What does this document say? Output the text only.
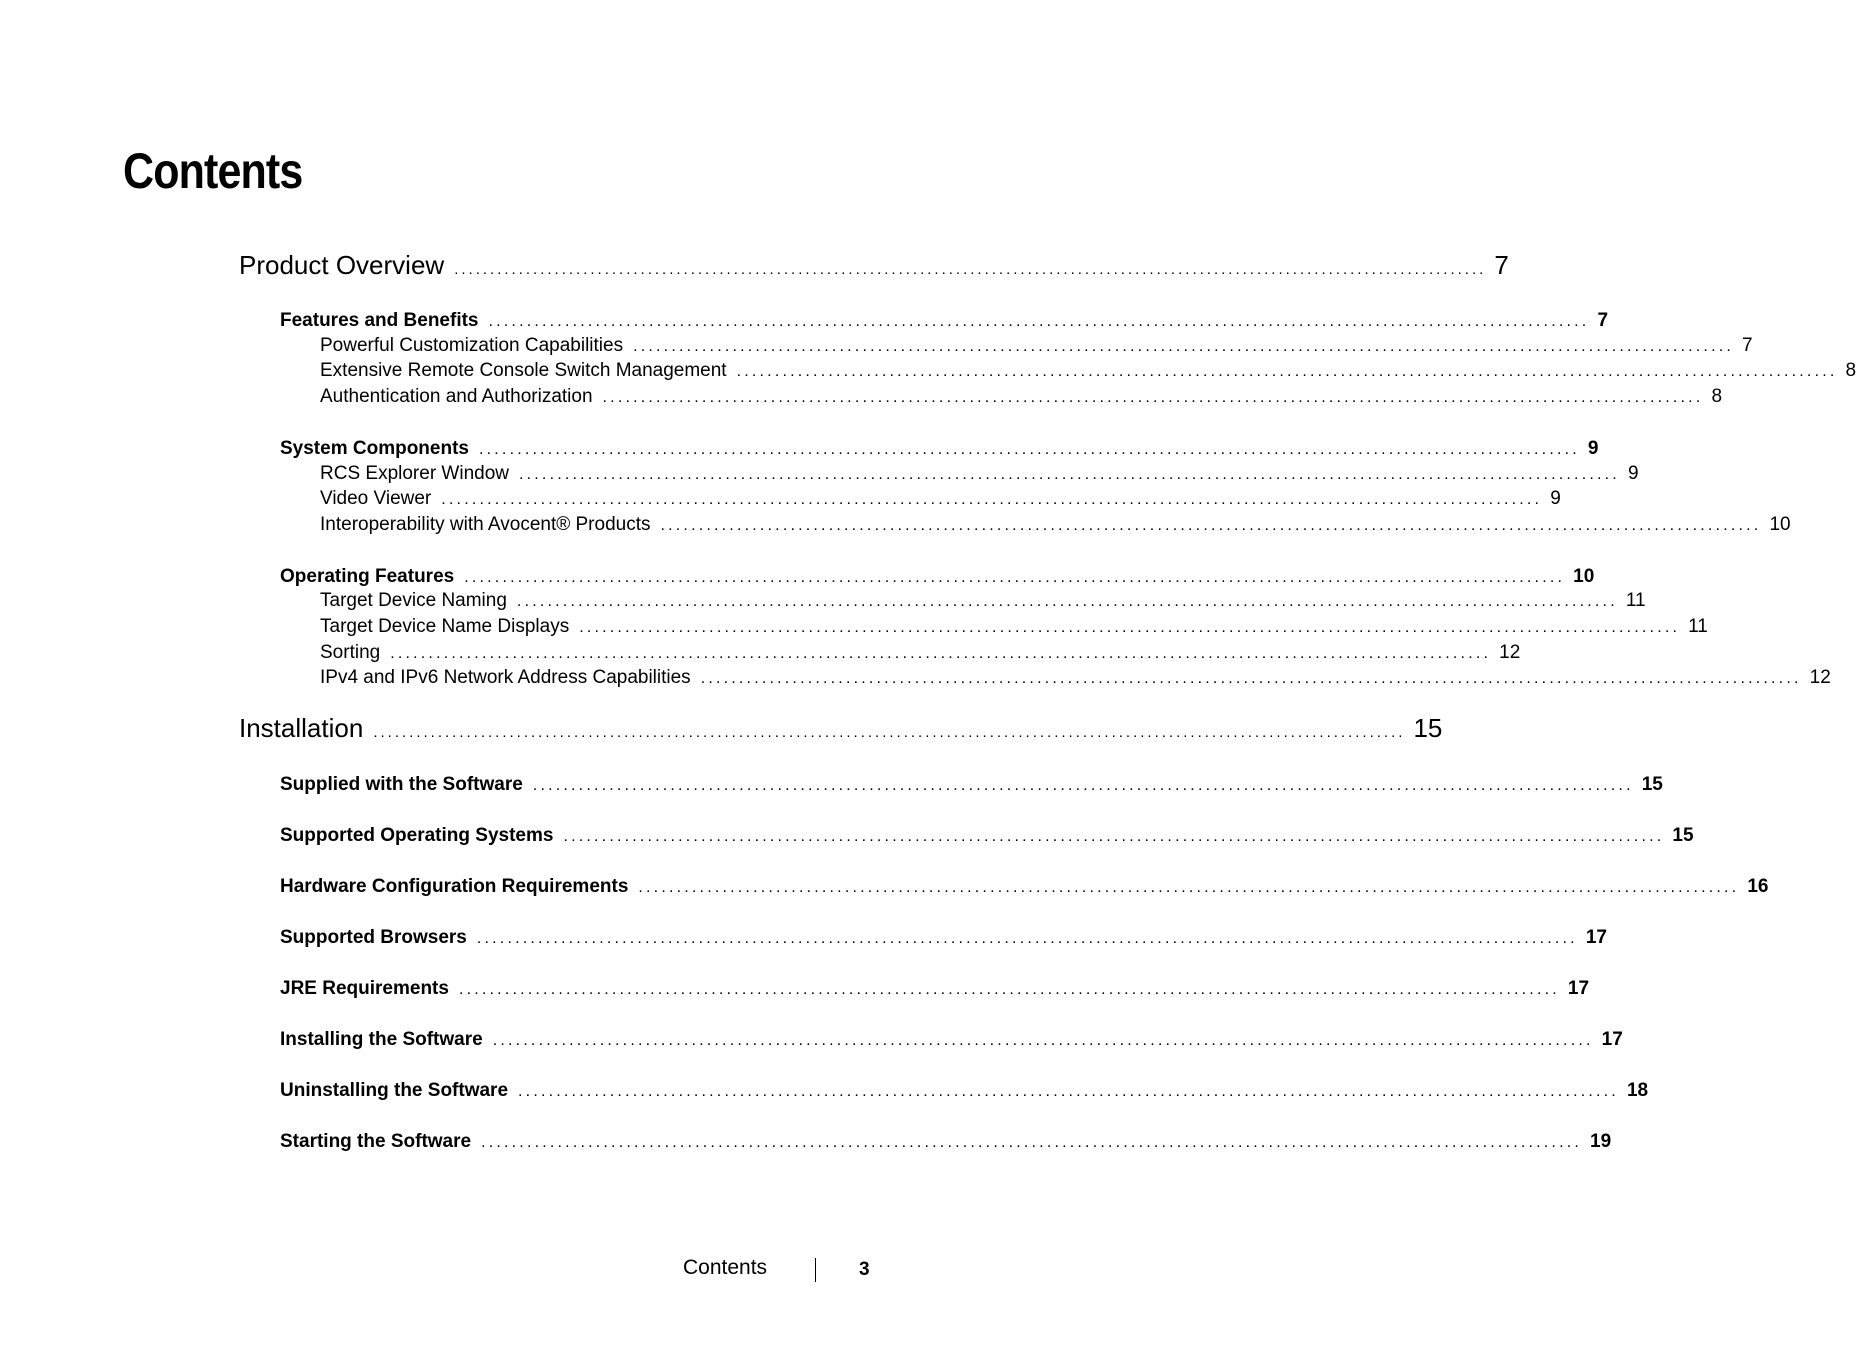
Contents
Product Overview ................................................................................................................................................ 7
Features and Benefits ................................................................................................................................................ 7
Powerful Customization Capabilities ................................................................................................................................................ 7
Extensive Remote Console Switch Management ................................................................................................................................................ 8
Authentication and Authorization ................................................................................................................................................ 8
System Components ................................................................................................................................................ 9
RCS Explorer Window ................................................................................................................................................ 9
Video Viewer ................................................................................................................................................ 9
Interoperability with Avocent® Products ................................................................................................................................................ 10
Operating Features ................................................................................................................................................ 10
Target Device Naming ................................................................................................................................................ 11
Target Device Name Displays ................................................................................................................................................ 11
Sorting ................................................................................................................................................ 12
IPv4 and IPv6 Network Address Capabilities ................................................................................................................................................ 12
Installation ................................................................................................................................................ 15
Supplied with the Software ................................................................................................................................................ 15
Supported Operating Systems ................................................................................................................................................ 15
Hardware Configuration Requirements ................................................................................................................................................ 16
Supported Browsers ................................................................................................................................................ 17
JRE Requirements ................................................................................................................................................ 17
Installing the Software ................................................................................................................................................ 17
Uninstalling the Software ................................................................................................................................................ 18
Starting the Software ................................................................................................................................................ 19
Contents	3
